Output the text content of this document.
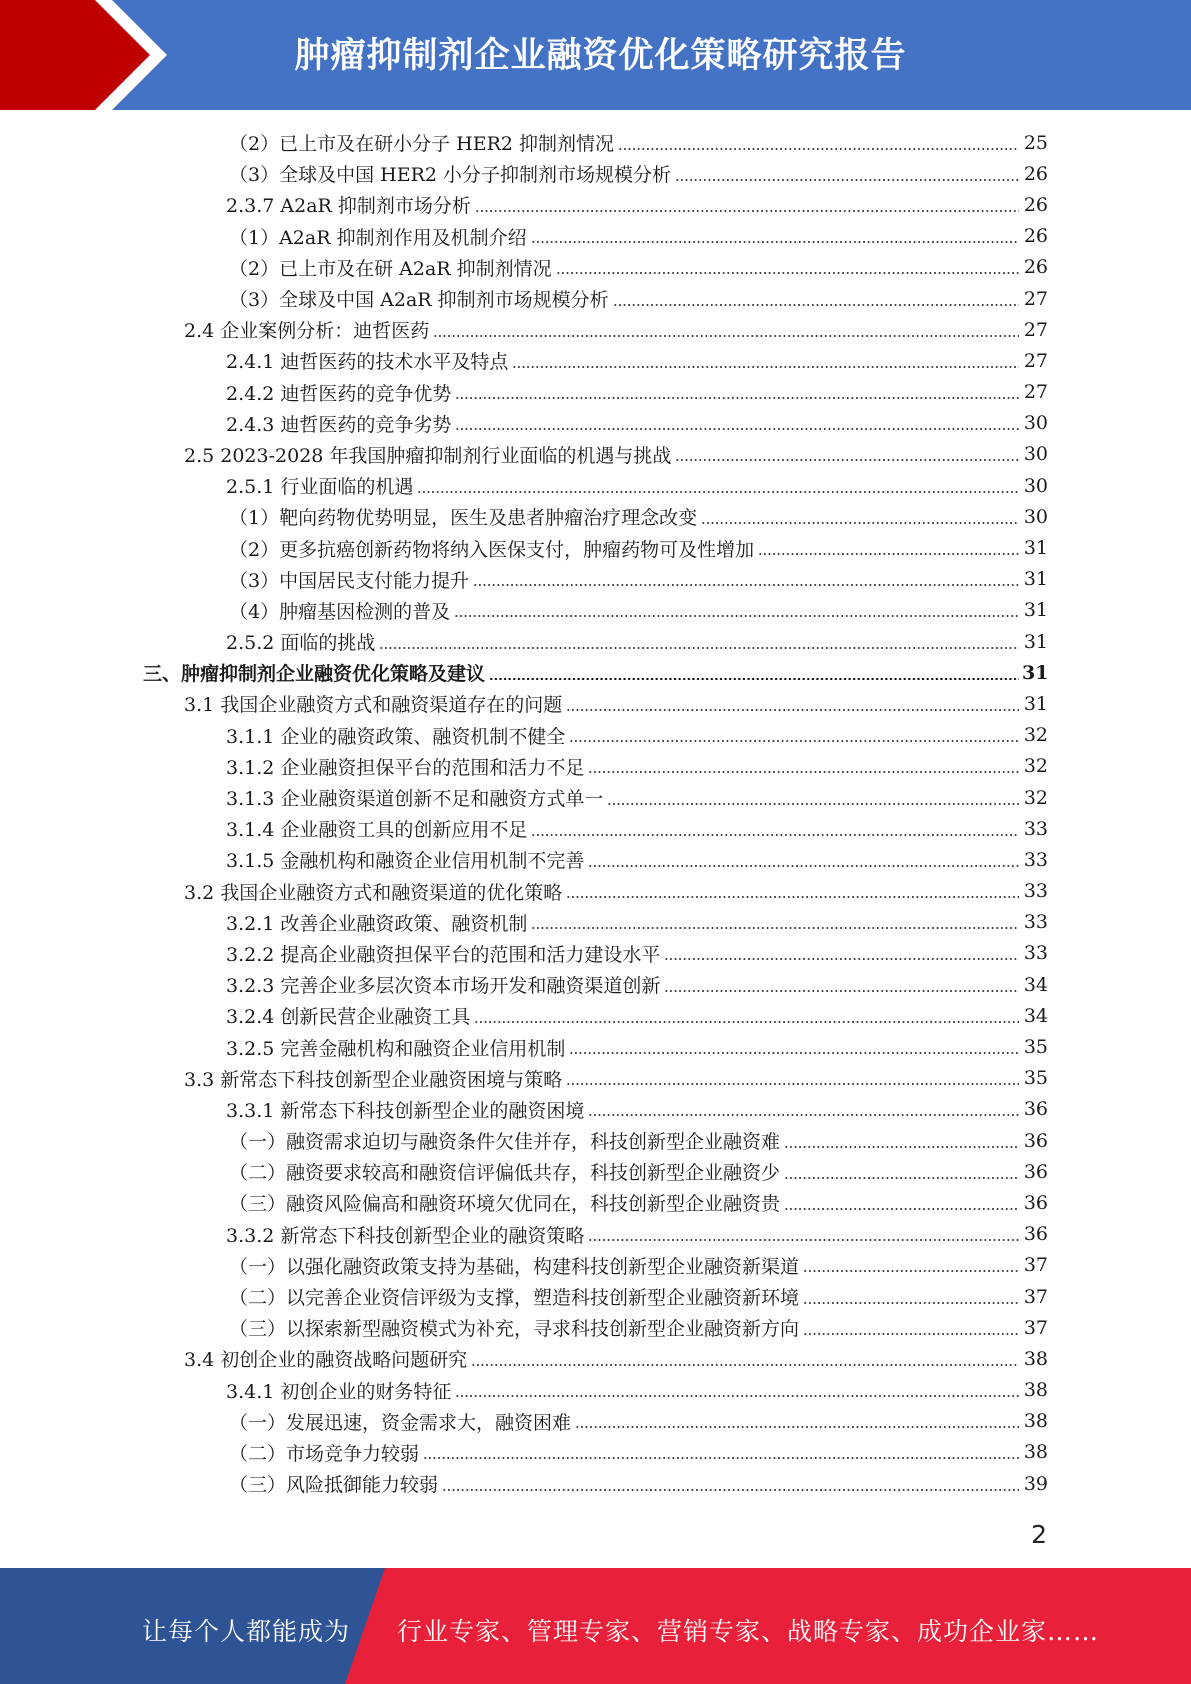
肿瘤抑制剂企业融资优化策略研究报告
（2）已上市及在研小分子 HER2 抑制剂情况	25
（3）全球及中国 HER2 小分子抑制剂市场规模分析	26
2.3.7 A2aR 抑制剂市场分析	26
（1）A2aR 抑制剂作用及机制介绍	26
（2）已上市及在研 A2aR 抑制剂情况	26
（3）全球及中国 A2aR 抑制剂市场规模分析	27
2.4 企业案例分析：迪哲医药	27
2.4.1 迪哲医药的技术水平及特点	27
2.4.2 迪哲医药的竞争优势	27
2.4.3 迪哲医药的竞争劣势	30
2.5 2023-2028 年我国肿瘤抑制剂行业面临的机遇与挑战	30
2.5.1 行业面临的机遇	30
（1）靶向药物优势明显，医生及患者肿瘤治疗理念改变	30
（2）更多抗癌创新药物将纳入医保支付，肿瘤药物可及性增加	31
（3）中国居民支付能力提升	31
（4）肿瘤基因检测的普及	31
2.5.2 面临的挑战	31
三、肿瘤抑制剂企业融资优化策略及建议	31
3.1 我国企业融资方式和融资渠道存在的问题	31
3.1.1 企业的融资政策、融资机制不健全	32
3.1.2 企业融资担保平台的范围和活力不足	32
3.1.3 企业融资渠道创新不足和融资方式单一	32
3.1.4 企业融资工具的创新应用不足	33
3.1.5 金融机构和融资企业信用机制不完善	33
3.2 我国企业融资方式和融资渠道的优化策略	33
3.2.1 改善企业融资政策、融资机制	33
3.2.2 提高企业融资担保平台的范围和活力建设水平	33
3.2.3 完善企业多层次资本市场开发和融资渠道创新	34
3.2.4 创新民营企业融资工具	34
3.2.5 完善金融机构和融资企业信用机制	35
3.3 新常态下科技创新型企业融资困境与策略	35
3.3.1 新常态下科技创新型企业的融资困境	36
（一）融资需求迫切与融资条件欠佳并存，科技创新型企业融资难	36
（二）融资要求较高和融资信评偏低共存，科技创新型企业融资少	36
（三）融资风险偏高和融资环境欠优同在，科技创新型企业融资贵	36
3.3.2 新常态下科技创新型企业的融资策略	36
（一）以强化融资政策支持为基础，构建科技创新型企业融资新渠道	37
（二）以完善企业资信评级为支撑，塑造科技创新型企业融资新环境	37
（三）以探索新型融资模式为补充，寻求科技创新型企业融资新方向	37
3.4 初创企业的融资战略问题研究	38
3.4.1 初创企业的财务特征	38
（一）发展迅速，资金需求大，融资困难	38
（二）市场竞争力较弱	38
（三）风险抵御能力较弱	39
2
让每个人都能成为 行业专家、管理专家、营销专家、战略专家、成功企业家……
